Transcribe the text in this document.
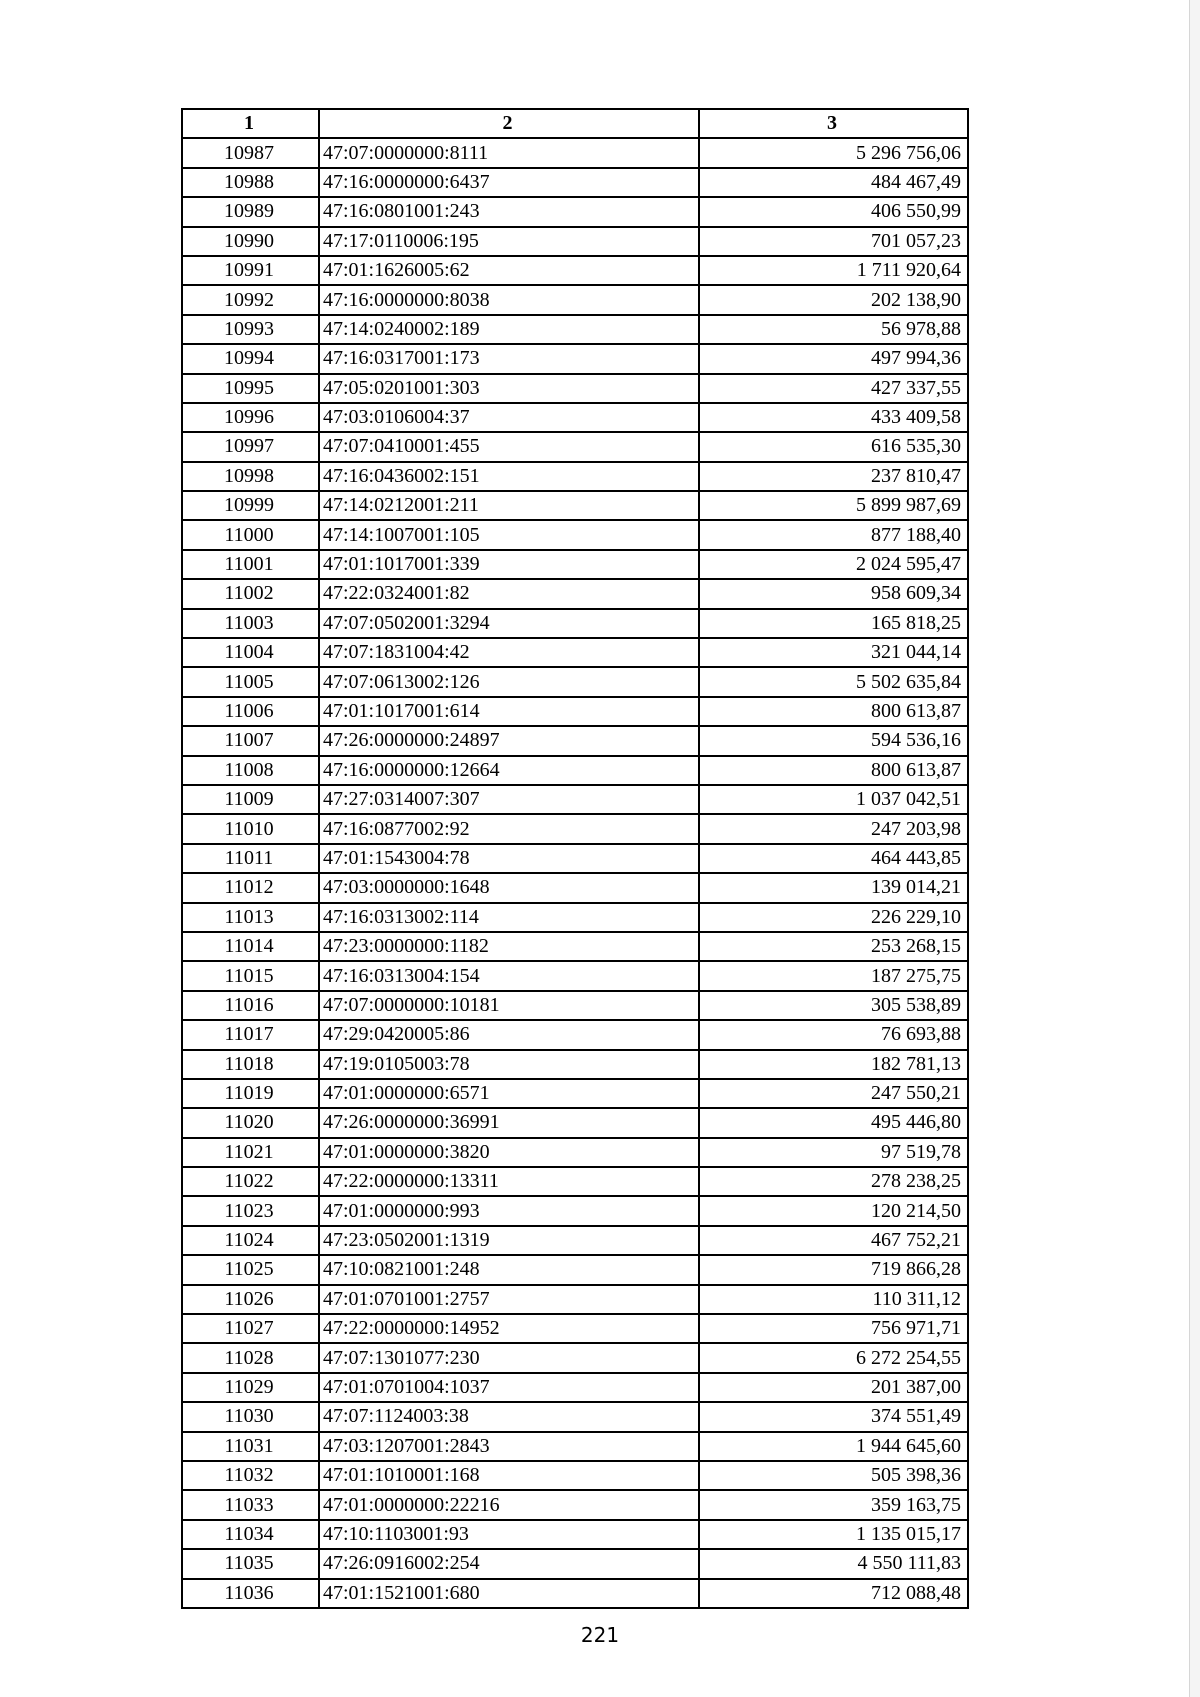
1	2	3
10987	47:07:0000000:8111	5 296 756,06
10988	47:16:0000000:6437	484 467,49
10989	47:16:0801001:243	406 550,99
10990	47:17:0110006:195	701 057,23
10991	47:01:1626005:62	1 711 920,64
10992	47:16:0000000:8038	202 138,90
10993	47:14:0240002:189	56 978,88
10994	47:16:0317001:173	497 994,36
10995	47:05:0201001:303	427 337,55
10996	47:03:0106004:37	433 409,58
10997	47:07:0410001:455	616 535,30
10998	47:16:0436002:151	237 810,47
10999	47:14:0212001:211	5 899 987,69
11000	47:14:1007001:105	877 188,40
11001	47:01:1017001:339	2 024 595,47
11002	47:22:0324001:82	958 609,34
11003	47:07:0502001:3294	165 818,25
11004	47:07:1831004:42	321 044,14
11005	47:07:0613002:126	5 502 635,84
11006	47:01:1017001:614	800 613,87
11007	47:26:0000000:24897	594 536,16
11008	47:16:0000000:12664	800 613,87
11009	47:27:0314007:307	1 037 042,51
11010	47:16:0877002:92	247 203,98
11011	47:01:1543004:78	464 443,85
11012	47:03:0000000:1648	139 014,21
11013	47:16:0313002:114	226 229,10
11014	47:23:0000000:1182	253 268,15
11015	47:16:0313004:154	187 275,75
11016	47:07:0000000:10181	305 538,89
11017	47:29:0420005:86	76 693,88
11018	47:19:0105003:78	182 781,13
11019	47:01:0000000:6571	247 550,21
11020	47:26:0000000:36991	495 446,80
11021	47:01:0000000:3820	97 519,78
11022	47:22:0000000:13311	278 238,25
11023	47:01:0000000:993	120 214,50
11024	47:23:0502001:1319	467 752,21
11025	47:10:0821001:248	719 866,28
11026	47:01:0701001:2757	110 311,12
11027	47:22:0000000:14952	756 971,71
11028	47:07:1301077:230	6 272 254,55
11029	47:01:0701004:1037	201 387,00
11030	47:07:1124003:38	374 551,49
11031	47:03:1207001:2843	1 944 645,60
11032	47:01:1010001:168	505 398,36
11033	47:01:0000000:22216	359 163,75
11034	47:10:1103001:93	1 135 015,17
11035	47:26:0916002:254	4 550 111,83
11036	47:01:1521001:680	712 088,48
221
